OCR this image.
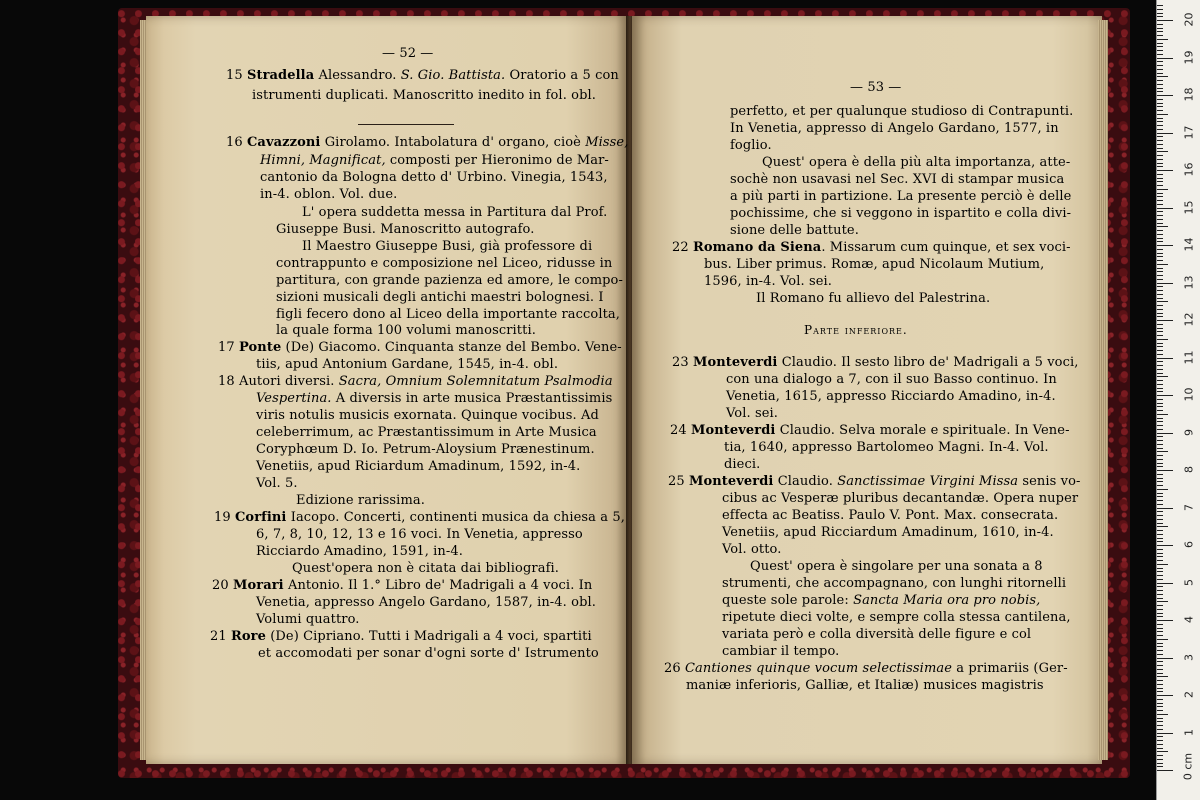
— 52 —
— 53 —
Parte inferiore.
15 Stradella Alessandro. S. Gio. Battista. Oratorio a 5 con
istrumenti duplicati. Manoscritto inedito in fol. obl.
16 Cavazzoni Girolamo. Intabolatura d' organo, cioè Misse,
Himni, Magnificat, composti per Hieronimo de Mar-
cantonio da Bologna detto d' Urbino. Vinegia, 1543,
in-4. oblon. Vol. due.
L' opera suddetta messa in Partitura dal Prof.
Giuseppe Busi. Manoscritto autografo.
Il Maestro Giuseppe Busi, già professore di
contrappunto e composizione nel Liceo, ridusse in
partitura, con grande pazienza ed amore, le compo-
sizioni musicali degli antichi maestri bolognesi. I
figli fecero dono al Liceo della importante raccolta,
la quale forma 100 volumi manoscritti.
17 Ponte (De) Giacomo. Cinquanta stanze del Bembo. Vene-
tiis, apud Antonium Gardane, 1545, in-4. obl.
18 Autori diversi. Sacra, Omnium Solemnitatum Psalmodia
Vespertina. A diversis in arte musica Præstantissimis
viris notulis musicis exornata. Quinque vocibus. Ad
celeberrimum, ac Præstantissimum in Arte Musica
Coryphœum D. Io. Petrum-Aloysium Prænestinum.
Venetiis, apud Riciardum Amadinum, 1592, in-4.
Vol. 5.
Edizione rarissima.
19 Corfini Iacopo. Concerti, continenti musica da chiesa a 5,
6, 7, 8, 10, 12, 13 e 16 voci. In Venetia, appresso
Ricciardo Amadino, 1591, in-4.
Quest'opera non è citata dai bibliografi.
20 Morari Antonio. Il 1.° Libro de' Madrigali a 4 voci. In
Venetia, appresso Angelo Gardano, 1587, in-4. obl.
Volumi quattro.
21 Rore (De) Cipriano. Tutti i Madrigali a 4 voci, spartiti
et accomodati per sonar d'ogni sorte d' Istrumento
perfetto, et per qualunque studioso di Contrapunti.
In Venetia, appresso di Angelo Gardano, 1577, in
foglio.
Quest' opera è della più alta importanza, atte-
sochè non usavasi nel Sec. XVI di stampar musica
a più parti in partizione. La presente perciò è delle
pochissime, che si veggono in ispartito e colla divi-
sione delle battute.
22 Romano da Siena. Missarum cum quinque, et sex voci-
bus. Liber primus. Romæ, apud Nicolaum Mutium,
1596, in-4. Vol. sei.
Il Romano fu allievo del Palestrina.
23 Monteverdi Claudio. Il sesto libro de' Madrigali a 5 voci,
con una dialogo a 7, con il suo Basso continuo. In
Venetia, 1615, appresso Ricciardo Amadino, in-4.
Vol. sei.
24 Monteverdi Claudio. Selva morale e spirituale. In Vene-
tia, 1640, appresso Bartolomeo Magni. In-4. Vol.
dieci.
25 Monteverdi Claudio. Sanctissimae Virgini Missa senis vo-
cibus ac Vesperæ pluribus decantandæ. Opera nuper
effecta ac Beatiss. Paulo V. Pont. Max. consecrata.
Venetiis, apud Ricciardum Amadinum, 1610, in-4.
Vol. otto.
Quest' opera è singolare per una sonata a 8
strumenti, che accompagnano, con lunghi ritornelli
queste sole parole: Sancta Maria ora pro nobis,
ripetute dieci volte, e sempre colla stessa cantilena,
variata però e colla diversità delle figure e col
cambiar il tempo.
26 Cantiones quinque vocum selectissimae a primariis (Ger-
maniæ inferioris, Galliæ, et Italiæ) musices magistris
0 cm
1
2
3
4
5
6
7
8
9
10
11
12
13
14
15
16
17
18
19
20
